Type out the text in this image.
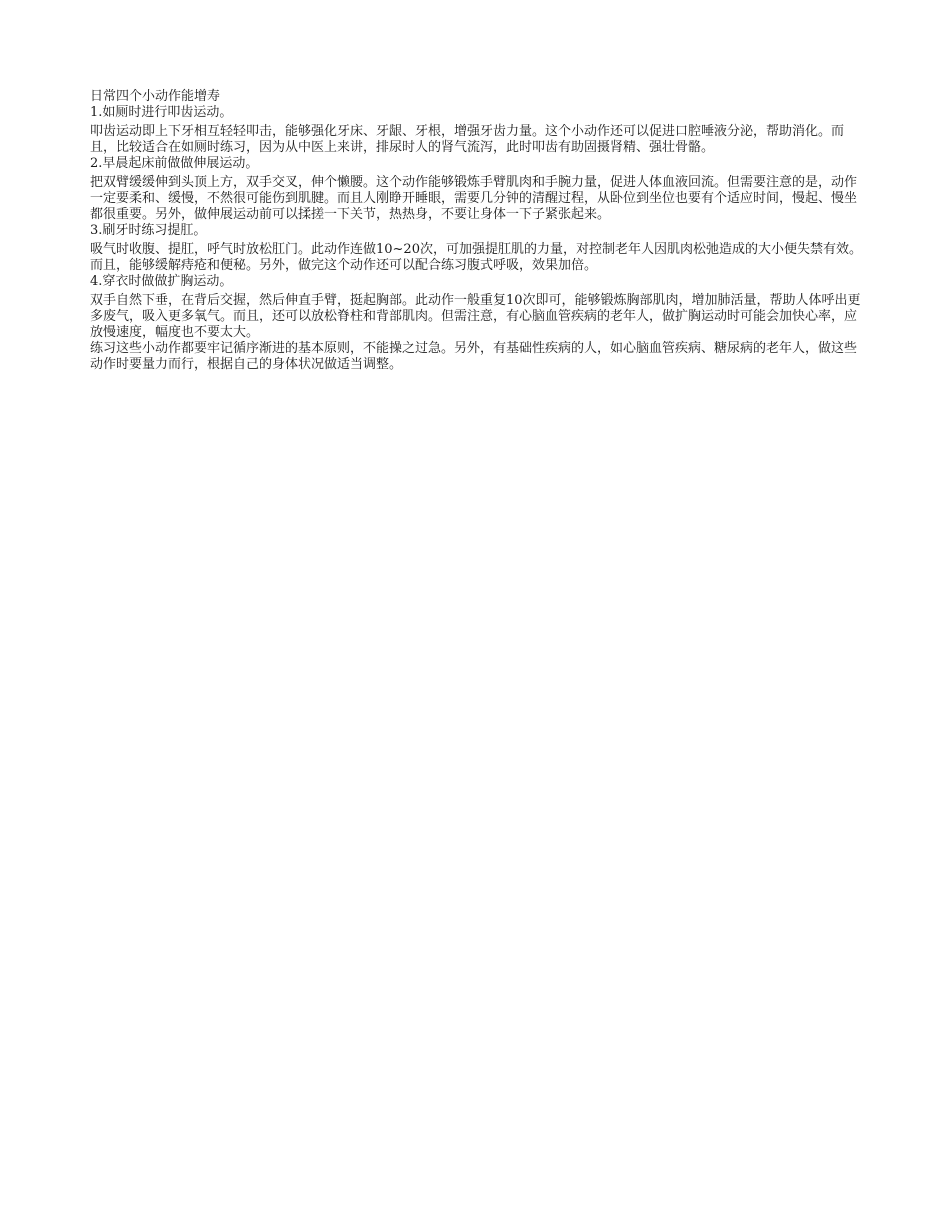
日常四个小动作能增寿

1.如厕时进行叩齿运动。

叩齿运动即上下牙相互轻轻叩击，能够强化牙床、牙龈、牙根，增强牙齿力量。这个小动作还可以促进口腔唾液分泌，帮助消化。而且，比较适合在如厕时练习，因为从中医上来讲，排尿时人的肾气流泻，此时叩齿有助固摄肾精、强壮骨骼。

2.早晨起床前做做伸展运动。

把双臂缓缓伸到头顶上方，双手交叉，伸个懒腰。这个动作能够锻炼手臂肌肉和手腕力量，促进人体血液回流。但需要注意的是，动作一定要柔和、缓慢，不然很可能伤到肌腱。而且人刚睁开睡眼，需要几分钟的清醒过程，从卧位到坐位也要有个适应时间，慢起、慢坐都很重要。另外，做伸展运动前可以揉搓一下关节，热热身，不要让身体一下子紧张起来。

3.刷牙时练习提肛。

吸气时收腹、提肛，呼气时放松肛门。此动作连做10~20次，可加强提肛肌的力量，对控制老年人因肌肉松弛造成的大小便失禁有效。而且，能够缓解痔疮和便秘。另外，做完这个动作还可以配合练习腹式呼吸，效果加倍。

4.穿衣时做做扩胸运动。

双手自然下垂，在背后交握，然后伸直手臂，挺起胸部。此动作一般重复10次即可，能够锻炼胸部肌肉，增加肺活量，帮助人体呼出更多废气，吸入更多氧气。而且，还可以放松脊柱和背部肌肉。但需注意，有心脑血管疾病的老年人，做扩胸运动时可能会加快心率，应放慢速度，幅度也不要太大。

练习这些小动作都要牢记循序渐进的基本原则，不能操之过急。另外，有基础性疾病的人，如心脑血管疾病、糖尿病的老年人，做这些动作时要量力而行，根据自己的身体状况做适当调整。
